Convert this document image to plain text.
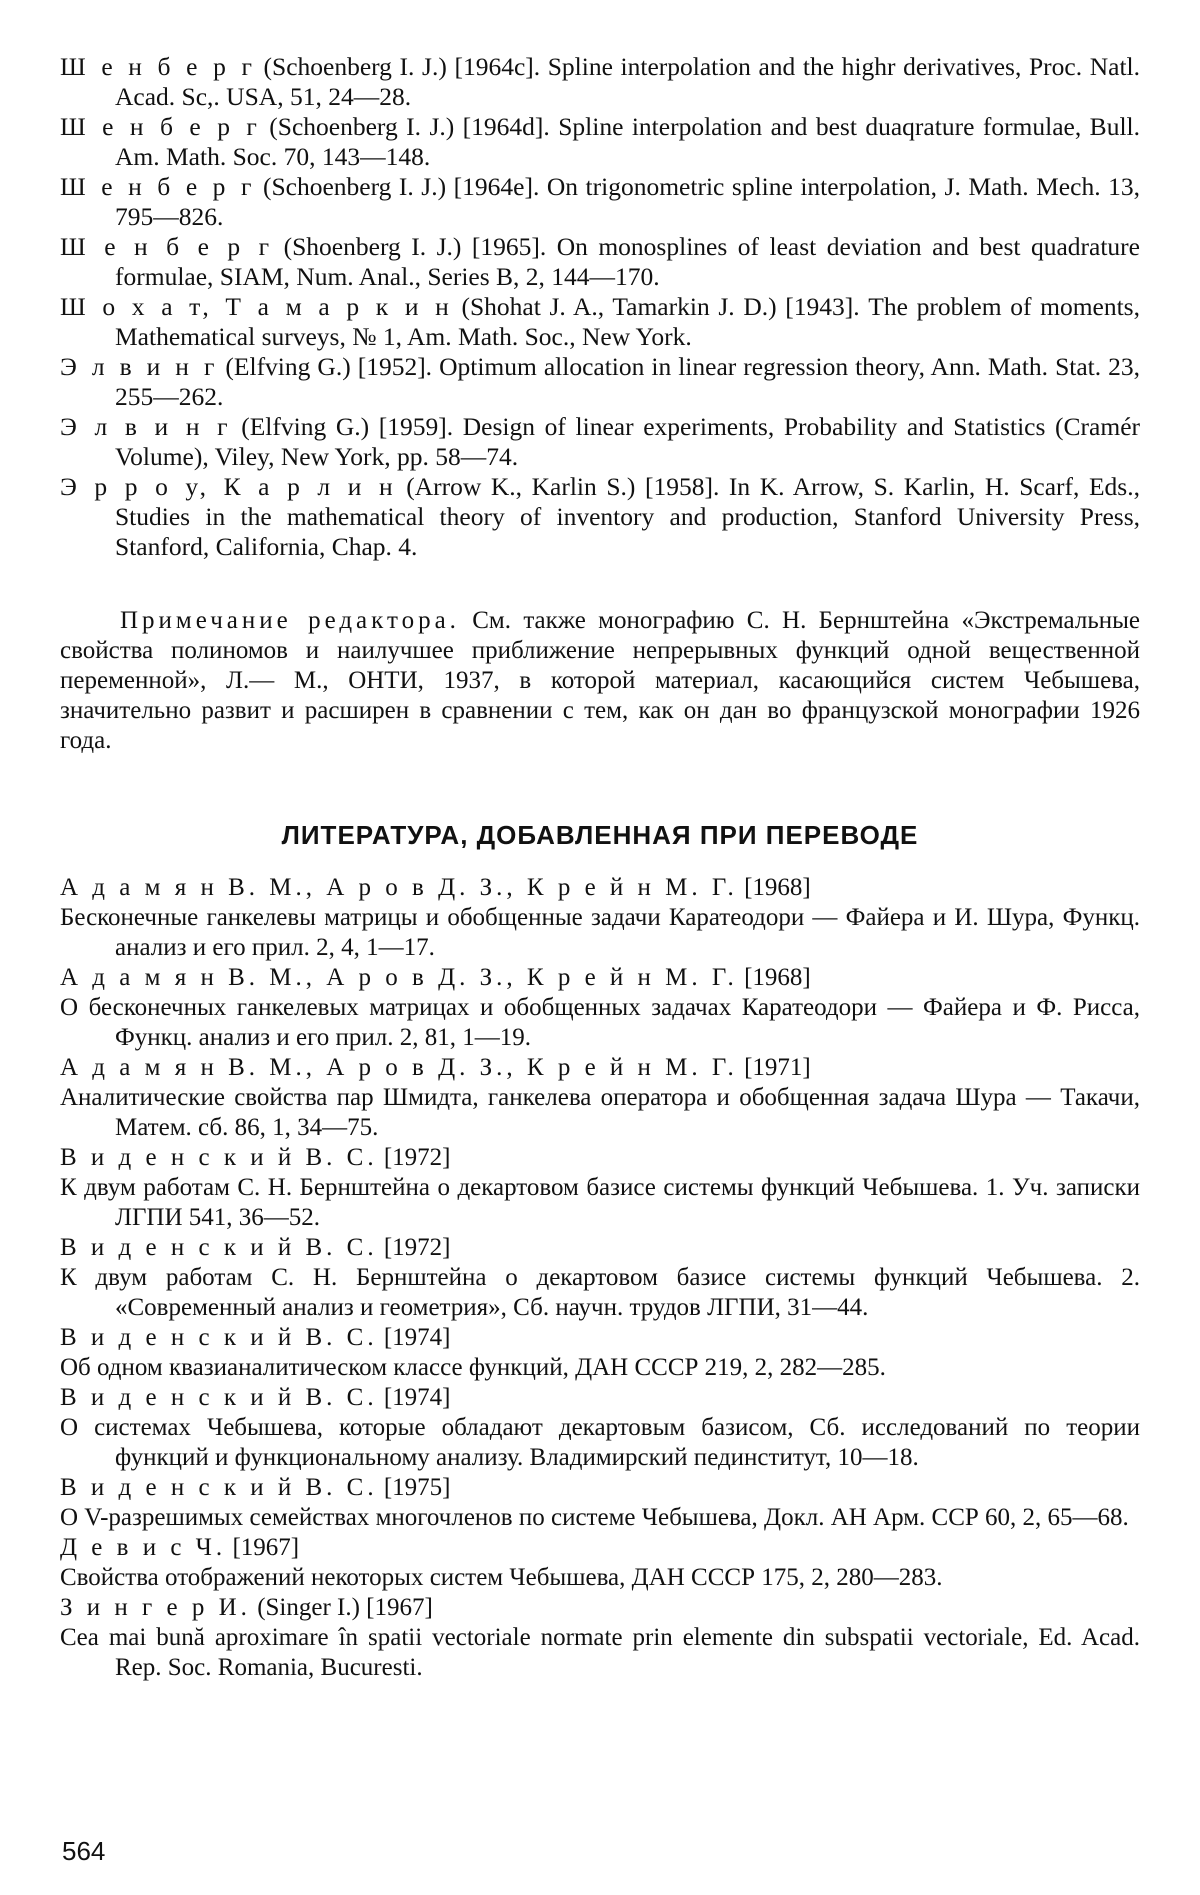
Ш е н б е р г (Schoenberg I. J.) [1964c]. Spline interpolation and the highr derivatives, Proc. Natl. Acad. Sc,. USA, 51, 24—28.

Ш е н б е р г (Schoenberg I. J.) [1964d]. Spline interpolation and best duaqrature formulae, Bull. Am. Math. Soc. 70, 143—148.

Ш е н б е р г (Schoenberg I. J.) [1964e]. On trigonometric spline interpolation, J. Math. Mech. 13, 795—826.

Ш е н б е р г (Shoenberg I. J.) [1965]. On monosplines of least deviation and best quadrature formulae, SIAM, Num. Anal., Series B, 2, 144—170.

Ш о х а т, Т а м а р к и н (Shohat J. A., Tamarkin J. D.) [1943]. The problem of moments, Mathematical surveys, № 1, Am. Math. Soc., New York.

Э л в и н г (Elfving G.) [1952]. Optimum allocation in linear regression theory, Ann. Math. Stat. 23, 255—262.

Э л в и н г (Elfving G.) [1959]. Design of linear experiments, Probability and Statistics (Cramér Volume), Viley, New York, pp. 58—74.

Э р р о у, К а р л и н (Arrow K., Karlin S.) [1958]. In K. Arrow, S. Karlin, H. Scarf, Eds., Studies in the mathematical theory of inventory and production, Stanford University Press, Stanford, California, Chap. 4.

Примечание редактора. См. также монографию С. Н. Бернштейна «Экстремальные свойства полиномов и наилучшее приближение непрерывных функций одной вещественной переменной», Л.— М., ОНТИ, 1937, в которой материал, касающийся систем Чебышева, значительно развит и расширен в сравнении с тем, как он дан во французской монографии 1926 года.

ЛИТЕРАТУРА, ДОБАВЛЕННАЯ ПРИ ПЕРЕВОДЕ
А д а м я н В. М., А р о в Д. З., К р е й н М. Г. [1968]
Бесконечные ганкелевы матрицы и обобщенные задачи Каратеодори — Файера и И. Шура, Функц. анализ и его прил. 2, 4, 1—17.
А д а м я н В. М., А р о в Д. З., К р е й н М. Г. [1968]
О бесконечных ганкелевых матрицах и обобщенных задачах Каратеодори — Файера и Ф. Рисса, Функц. анализ и его прил. 2, 81, 1—19.
А д а м я н В. М., А р о в Д. З., К р е й н М. Г. [1971]
Аналитические свойства пар Шмидта, ганкелева оператора и обобщенная задача Шура — Такачи, Матем. сб. 86, 1, 34—75.
В и д е н с к и й В. С. [1972]
К двум работам С. Н. Бернштейна о декартовом базисе системы функций Чебышева. 1. Уч. записки ЛГПИ 541, 36—52.
В и д е н с к и й В. С. [1972]
К двум работам С. Н. Бернштейна о декартовом базисе системы функций Чебышева. 2. «Современный анализ и геометрия», Сб. научн. трудов ЛГПИ, 31—44.
В и д е н с к и й В. С. [1974]
Об одном квазианалитическом классе функций, ДАН СССР 219, 2, 282—285.
В и д е н с к и й В. С. [1974]
О системах Чебышева, которые обладают декартовым базисом, Сб. исследований по теории функций и функциональному анализу. Владимирский пединститут, 10—18.
В и д е н с к и й В. С. [1975]
О V-разрешимых семействах многочленов по системе Чебышева, Докл. АН Арм. ССР 60, 2, 65—68.
Д е в и с Ч. [1967]
Свойства отображений некоторых систем Чебышева, ДАН СССР 175, 2, 280—283.
З и н г е р И. (Singer I.) [1967]
Cea mai bună aproximare în spatii vectoriale normate prin elemente din subspatii vectoriale, Ed. Acad. Rep. Soc. Romania, Bucuresti.
564
